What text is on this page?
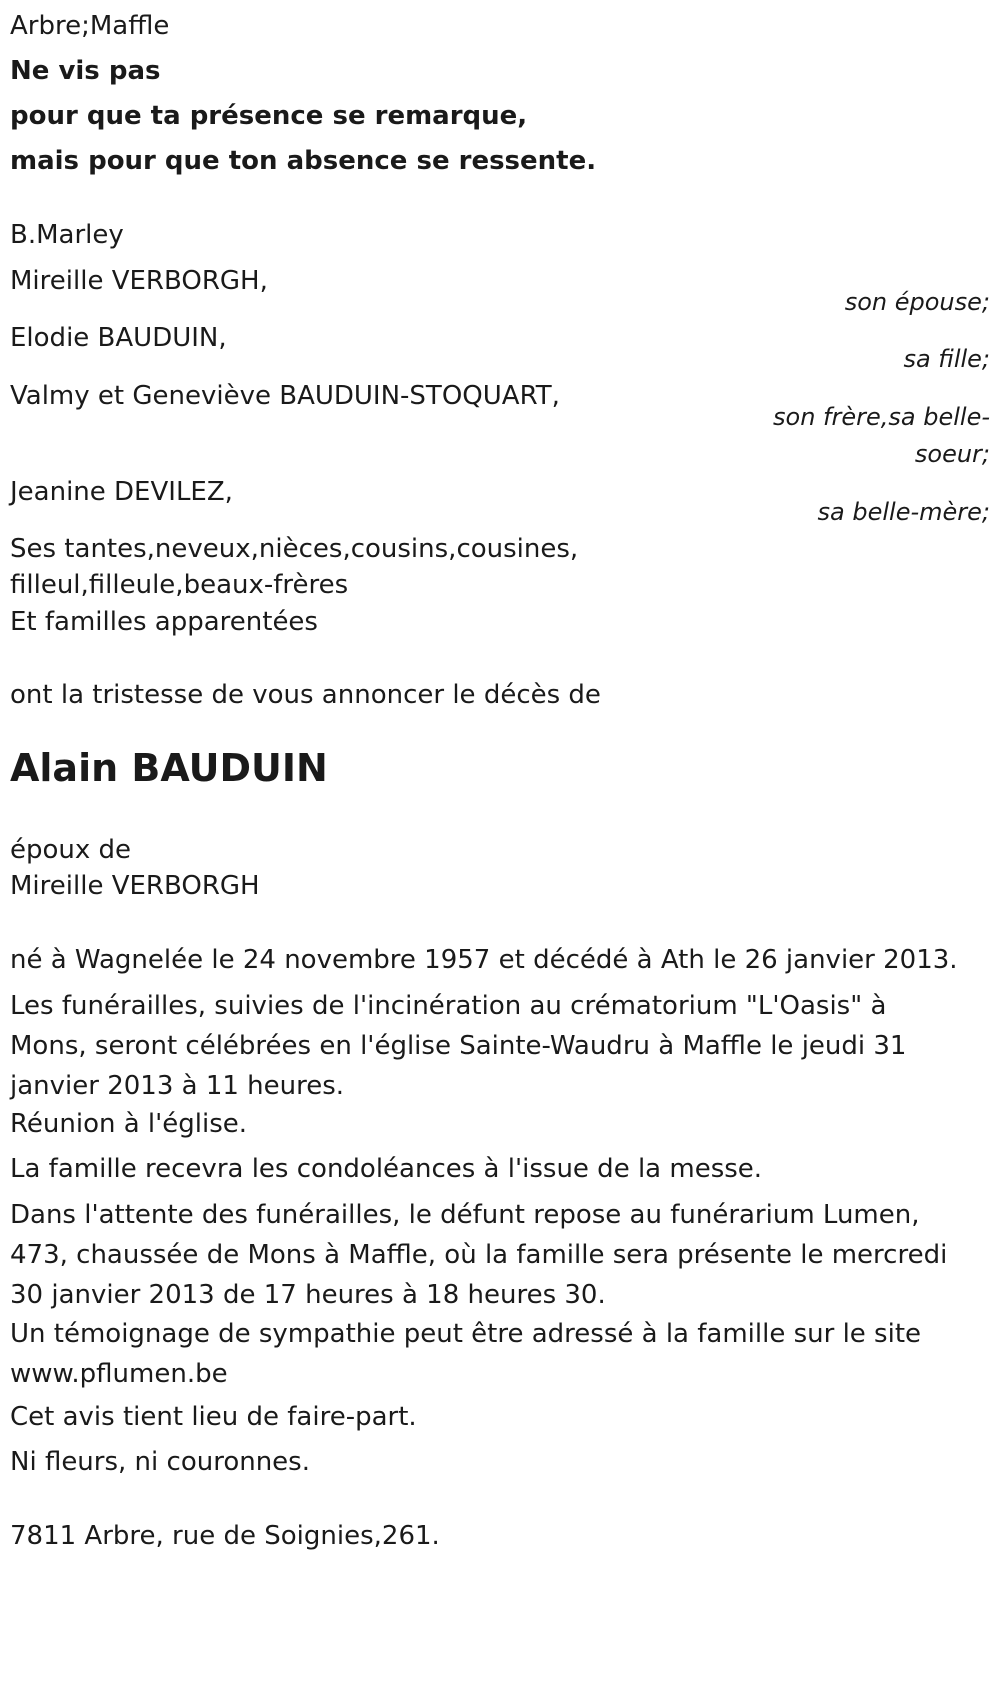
Arbre;Maffle
Ne vis pas
pour que ta présence se remarque,
mais pour que ton absence se ressente.
B.Marley
Mireille VERBORGH,
son épouse;
Elodie BAUDUIN,
sa fille;
Valmy et Geneviève BAUDUIN-STOQUART,
son frère,sa belle-
soeur;
Jeanine DEVILEZ,
sa belle-mère;
Ses tantes,neveux,nièces,cousins,cousines,
filleul,filleule,beaux-frères
Et familles apparentées
ont la tristesse de vous annoncer le décès de
Alain BAUDUIN
époux de
Mireille VERBORGH
né à Wagnelée le 24 novembre 1957 et décédé à Ath le 26 janvier 2013.
Les funérailles, suivies de l'incinération au crématorium "L'Oasis" à Mons, seront célébrées en l'église Sainte-Waudru à Maffle le jeudi 31 janvier 2013 à 11 heures.
Réunion à l'église.
La famille recevra les condoléances à l'issue de la messe.
Dans l'attente des funérailles, le défunt repose au funérarium Lumen, 473, chaussée de Mons à Maffle, où la famille sera présente le mercredi 30 janvier 2013 de 17 heures à 18 heures 30.
Un témoignage de sympathie peut être adressé à la famille sur le site www.pflumen.be
Cet avis tient lieu de faire-part.
Ni fleurs, ni couronnes.
7811 Arbre, rue de Soignies,261.
